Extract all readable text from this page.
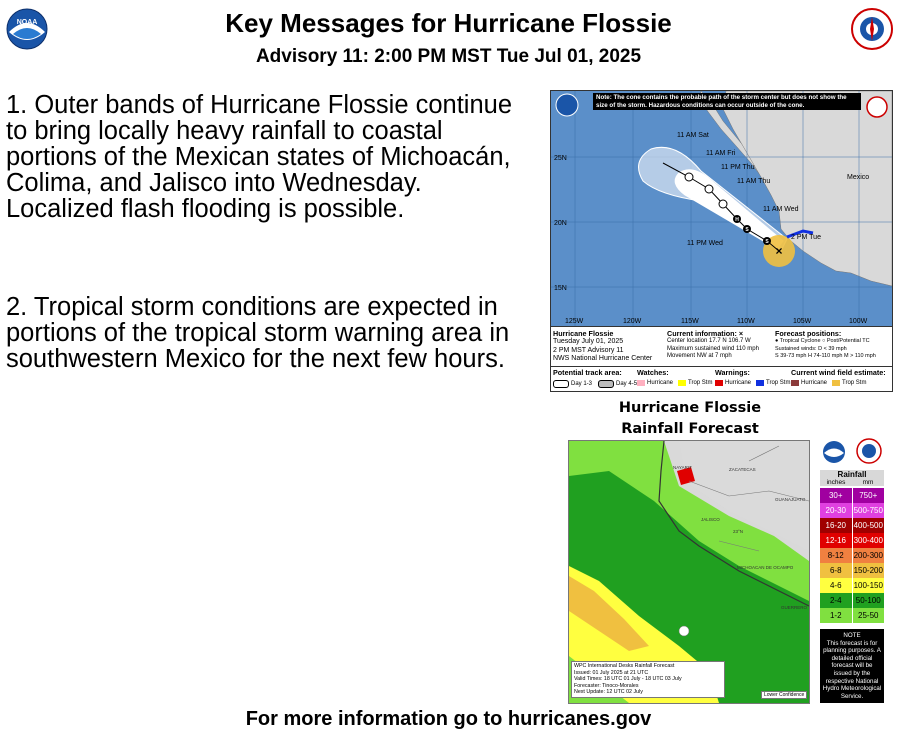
NOAA	Key Messages for Hurricane Flossie
Advisory 11: 2:00 PM MST Tue Jul 01, 2025
1. Outer bands of Hurricane Flossie continue to bring locally heavy rainfall to coastal portions of the Mexican states of Michoacán, Colima, and Jalisco into Wednesday. Localized flash flooding is possible.
2. Tropical storm conditions are expected in portions of the tropical storm warning area in southwestern Mexico for the next few hours.
×
11 AM Sat
11 AM Fri
11 PM Thu
11 AM Thu
11 AM Wed
2 PM Tue
11 PM Wed
Mexico
25N
20N
15N
125W	120W	115W	110W	105W	100W
S
S
H
Note: The cone contains the probable path of the storm center but does not show the size of the storm. Hazardous conditions can occur outside of the cone.
Hurricane Flossie
Tuesday July 01, 2025
2 PM MST Advisory 11
NWS National Hurricane Center
Current information: ×
Center location 17.7 N 106.7 W
Maximum sustained wind 110 mph
Movement NW at 7 mph
Forecast positions:
● Tropical Cyclone ○ Post/Potential TC
Sustained winds: D < 39 mph
S 39-73 mph H 74-110 mph M > 110 mph
Potential track area:
Day 1-3	Day 4-5
Watches:
Hurricane	Trop Stm
Warnings:
Hurricane	Trop Stm
Current wind field estimate:
Hurricane	Trop Stm
Hurricane Flossie
Rainfall Forecast
NAYARIT
JALISCO
GUANAJUATO
MICHOACAN DE OCAMPO
GUERRERO
ZACATECAS
23°N
WPC International Desks Rainfall Forecast
Issued: 01 July 2025 at 21 UTC
Valid Times: 18 UTC 01 July - 18 UTC 03 July
Forecaster: Tinoco-Morales
Next Update: 12 UTC 02 July	Lower Confidence
Rainfall
inches	mm
30+	750+
20-30 500-750
16-20 400-500
12-16 300-400
8-12	200-300
6-8	150-200
4-6	100-150
2-4	50-100
1-2	25-50
NOTE
This forecast is for planning purposes. A detailed official forecast will be issued by the respective National Hydro Meteorological Service.
For more information go to hurricanes.gov
